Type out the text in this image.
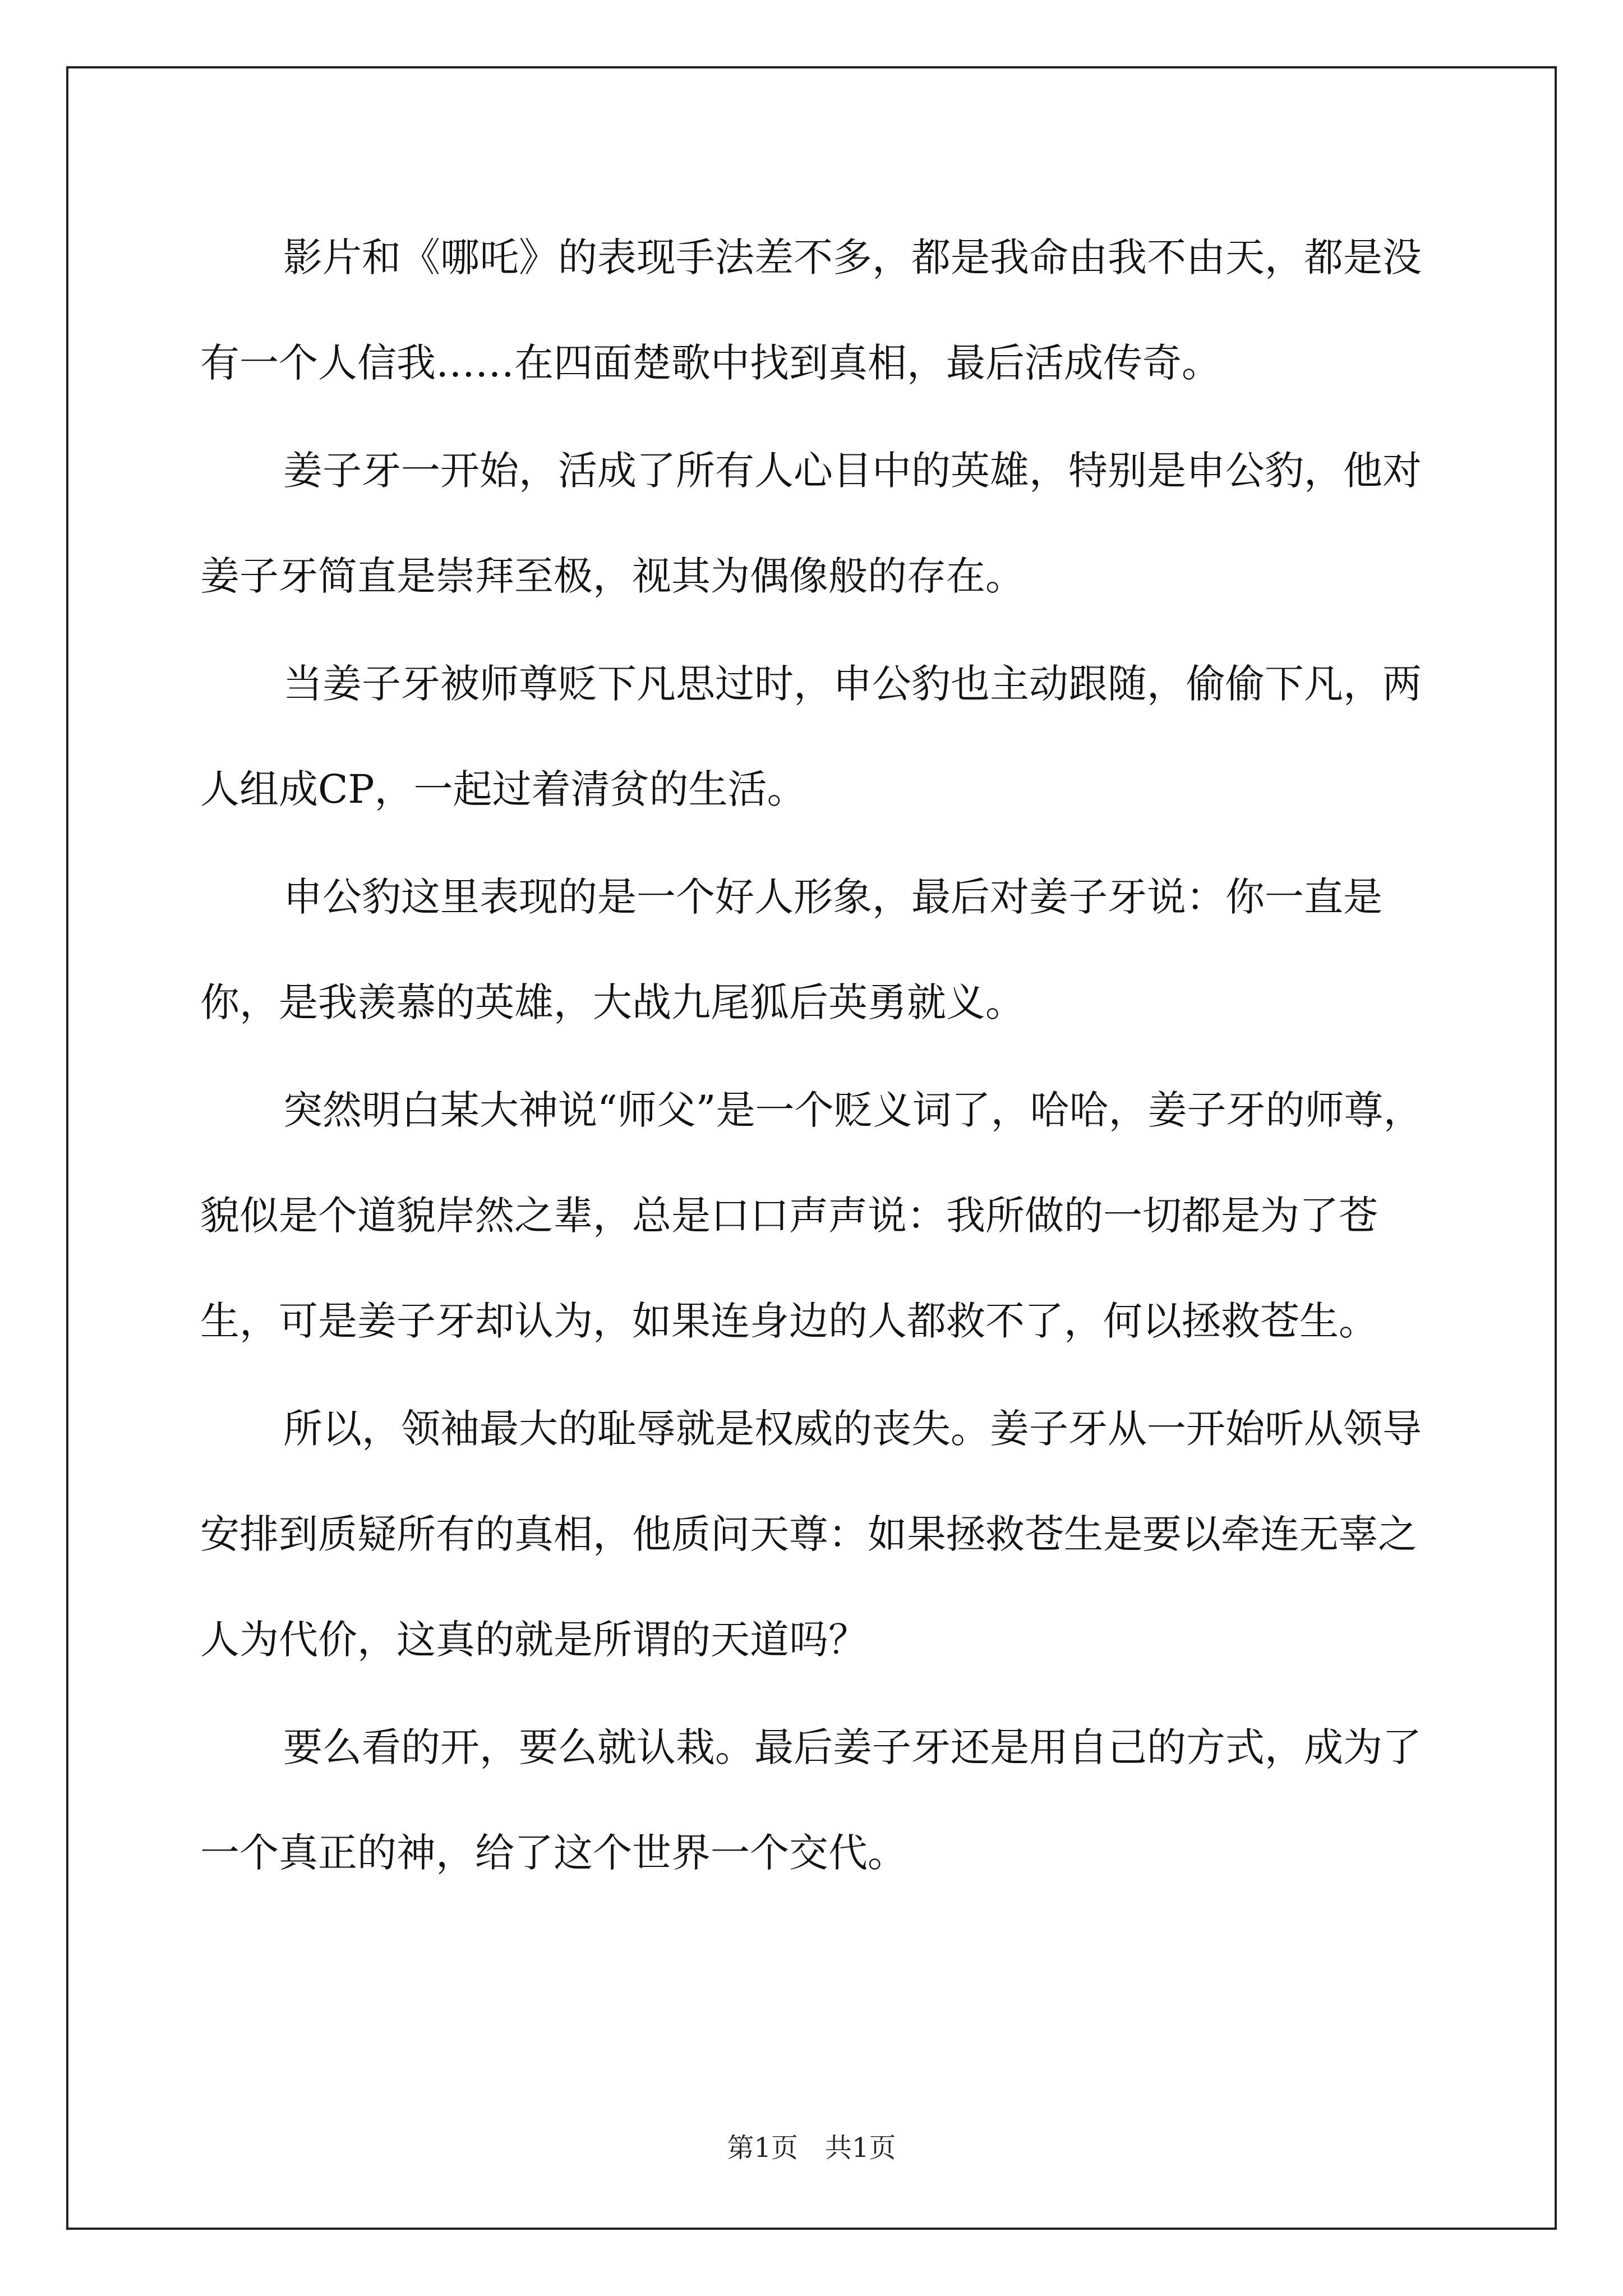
影片和《哪吒》的表现手法差不多，都是我命由我不由天，都是没有一个人信我……在四面楚歌中找到真相，最后活成传奇。

姜子牙一开始，活成了所有人心目中的英雄，特别是申公豹，他对姜子牙简直是崇拜至极，视其为偶像般的存在。

当姜子牙被师尊贬下凡思过时，申公豹也主动跟随，偷偷下凡，两人组成CP，一起过着清贫的生活。

申公豹这里表现的是一个好人形象，最后对姜子牙说：你一直是你，是我羡慕的英雄，大战九尾狐后英勇就义。

突然明白某大神说“师父”是一个贬义词了，哈哈，姜子牙的师尊，貌似是个道貌岸然之辈，总是口口声声说：我所做的一切都是为了苍生，可是姜子牙却认为，如果连身边的人都救不了，何以拯救苍生。

所以，领袖最大的耻辱就是权威的丧失。姜子牙从一开始听从领导安排到质疑所有的真相，他质问天尊：如果拯救苍生是要以牵连无辜之人为代价，这真的就是所谓的天道吗？

要么看的开，要么就认栽。最后姜子牙还是用自己的方式，成为了一个真正的神，给了这个世界一个交代。

第1页　共1页
